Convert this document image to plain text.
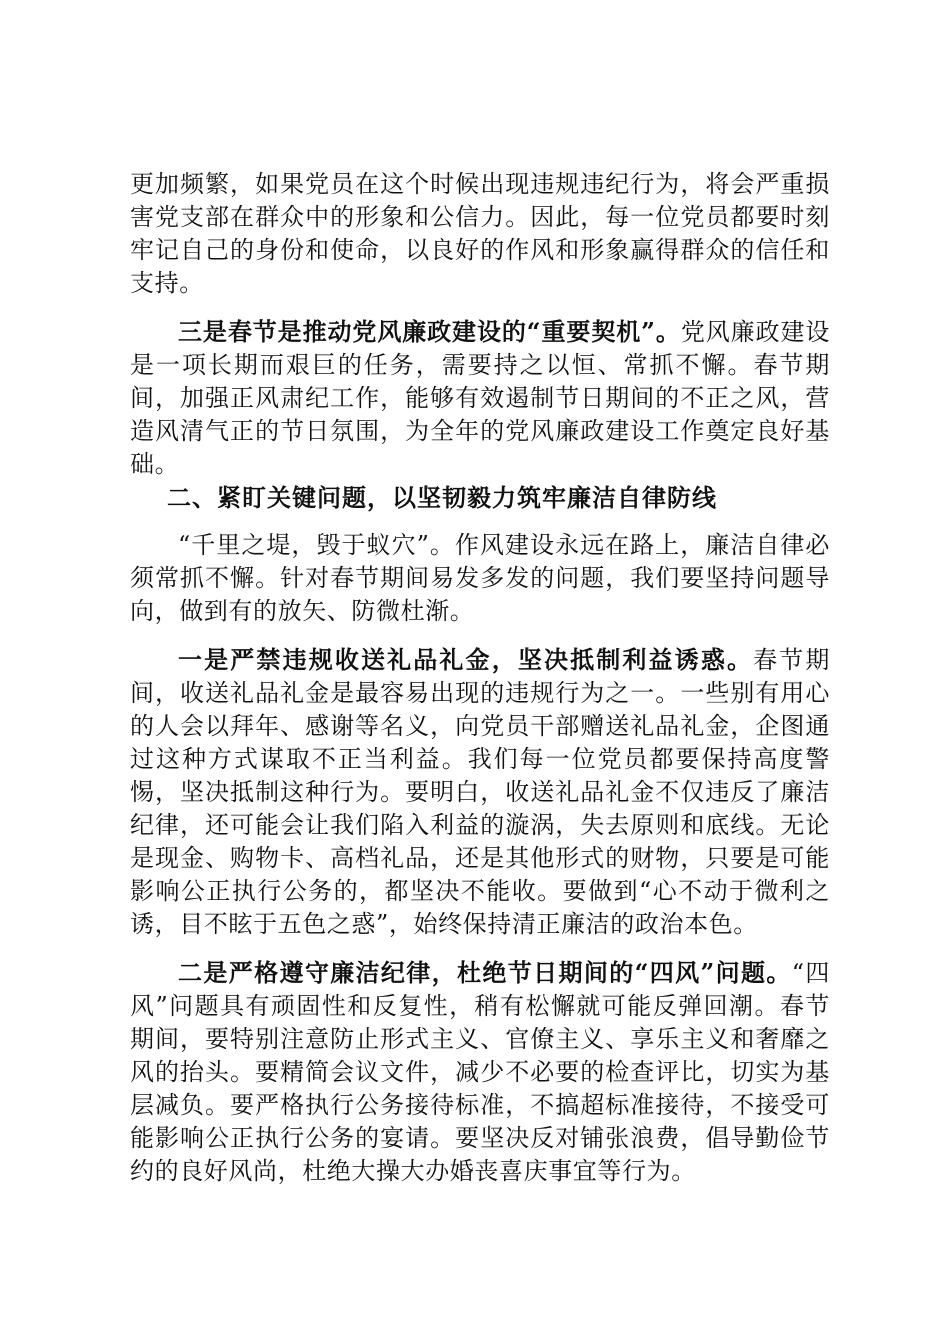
更加频繁，如果党员在这个时候出现违规违纪行为，将会严重损害党支部在群众中的形象和公信力。因此，每一位党员都要时刻牢记自己的身份和使命，以良好的作风和形象赢得群众的信任和支持。

三是春节是推动党风廉政建设的“重要契机”。党风廉政建设是一项长期而艰巨的任务，需要持之以恒、常抓不懈。春节期间，加强正风肃纪工作，能够有效遏制节日期间的不正之风，营造风清气正的节日氛围，为全年的党风廉政建设工作奠定良好基础。

二、紧盯关键问题，以坚韧毅力筑牢廉洁自律防线

“千里之堤，毁于蚁穴”。作风建设永远在路上，廉洁自律必须常抓不懈。针对春节期间易发多发的问题，我们要坚持问题导向，做到有的放矢、防微杜渐。

一是严禁违规收送礼品礼金，坚决抵制利益诱惑。春节期间，收送礼品礼金是最容易出现的违规行为之一。一些别有用心的人会以拜年、感谢等名义，向党员干部赠送礼品礼金，企图通过这种方式谋取不正当利益。我们每一位党员都要保持高度警惕，坚决抵制这种行为。要明白，收送礼品礼金不仅违反了廉洁纪律，还可能会让我们陷入利益的漩涡，失去原则和底线。无论是现金、购物卡、高档礼品，还是其他形式的财物，只要是可能影响公正执行公务的，都坚决不能收。要做到“心不动于微利之诱，目不眩于五色之惑”，始终保持清正廉洁的政治本色。

二是严格遵守廉洁纪律，杜绝节日期间的“四风”问题。“四风”问题具有顽固性和反复性，稍有松懈就可能反弹回潮。春节期间，要特别注意防止形式主义、官僚主义、享乐主义和奢靡之风的抬头。要精简会议文件，减少不必要的检查评比，切实为基层减负。要严格执行公务接待标准，不搞超标准接待，不接受可能影响公正执行公务的宴请。要坚决反对铺张浪费，倡导勤俭节约的良好风尚，杜绝大操大办婚丧喜庆事宜等行为。
